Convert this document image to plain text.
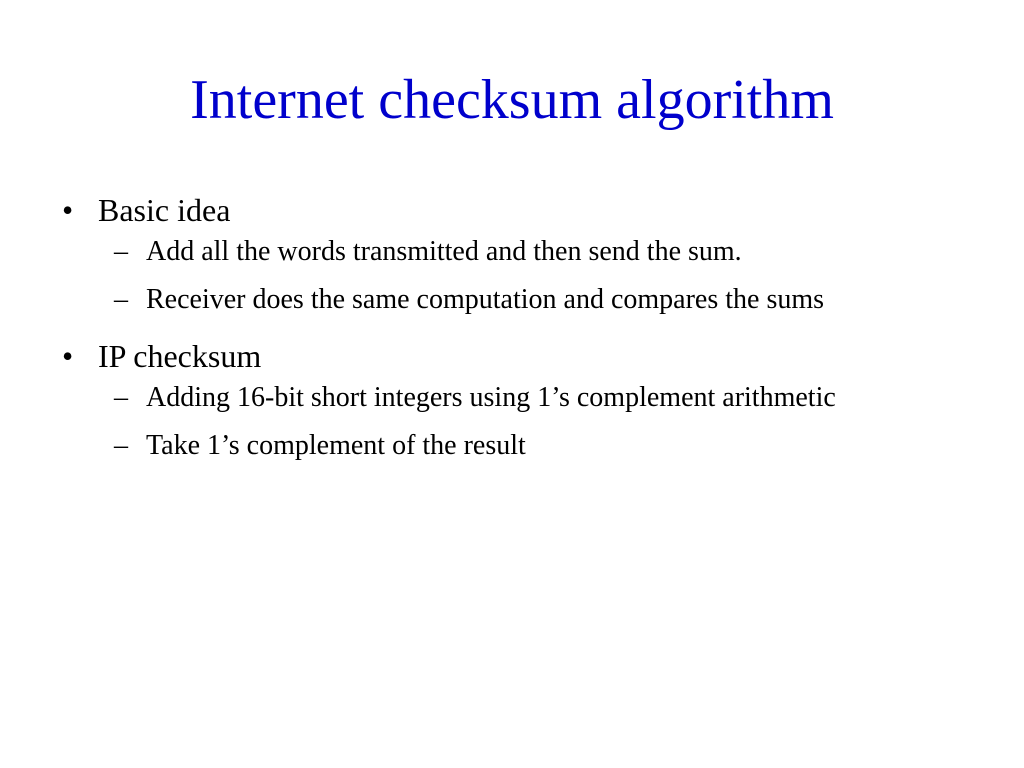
Internet checksum algorithm
• Basic idea
– Add all the words transmitted and then send the sum.
– Receiver does the same computation and compares the sums
• IP checksum
– Adding 16-bit short integers using 1’s complement arithmetic
– Take 1’s complement of the result
